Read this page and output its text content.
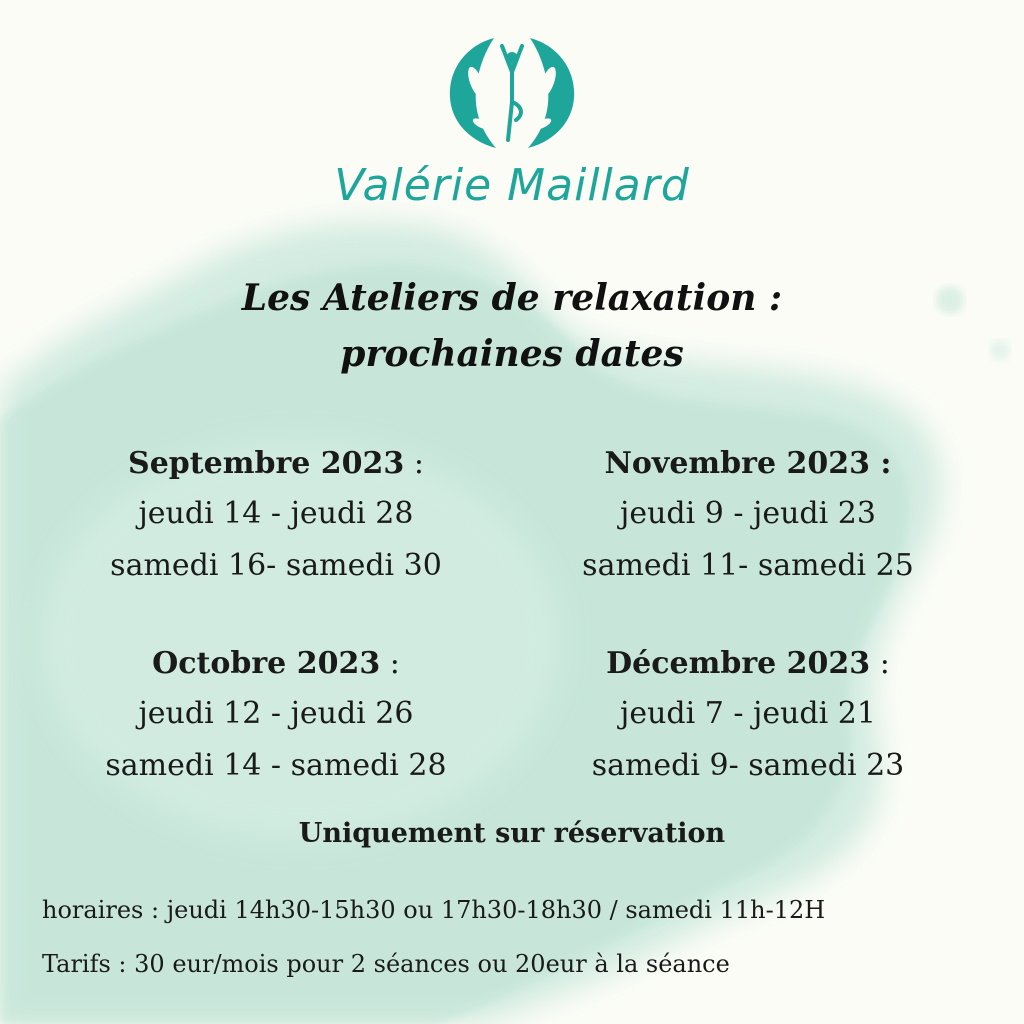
Valérie Maillard
Les Ateliers de relaxation :
prochaines dates
Septembre 2023 :
jeudi 14 - jeudi 28
samedi 16- samedi 30
Novembre 2023 :
jeudi 9 - jeudi 23
samedi 11- samedi 25
Octobre 2023 :
jeudi 12 - jeudi 26
samedi 14 - samedi 28
Décembre 2023 :
jeudi 7 - jeudi 21
samedi 9- samedi 23
Uniquement sur réservation
horaires : jeudi 14h30-15h30 ou 17h30-18h30 / samedi 11h-12H
Tarifs : 30 eur/mois pour 2 séances ou 20eur à la séance
